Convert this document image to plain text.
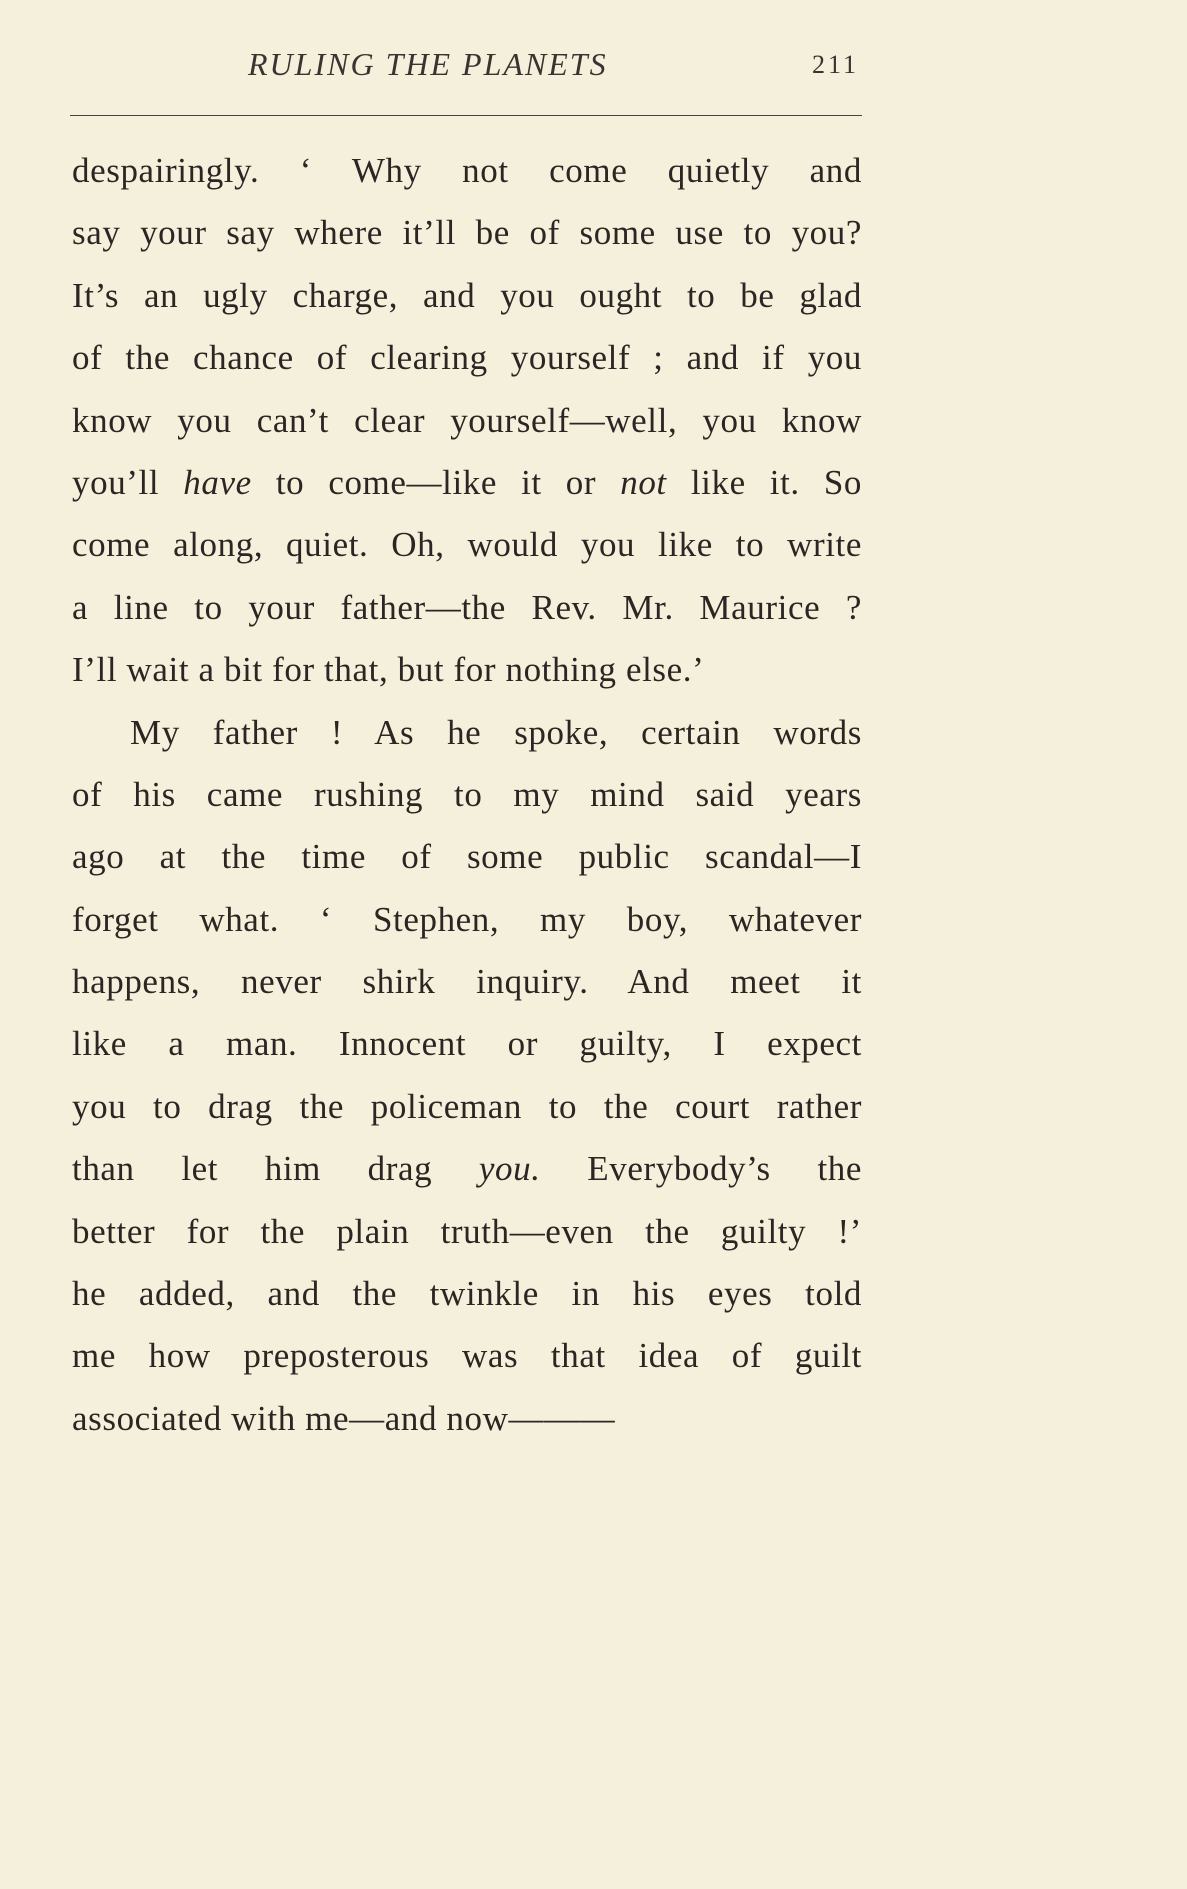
RULING THE PLANETS	211
despairingly. ‘ Why not come quietly and
say your say where it’ll be of some use to you?
It’s an ugly charge, and you ought to be glad
of the chance of clearing yourself ; and if you
know you can’t clear yourself—well, you know
you’ll have to come—like it or not like it. So
come along, quiet. Oh, would you like to write
a line to your father—the Rev. Mr. Maurice ?
I’ll wait a bit for that, but for nothing else.’
My father ! As he spoke, certain words
of his came rushing to my mind said years
ago at the time of some public scandal—I
forget what. ‘ Stephen, my boy, whatever
happens, never shirk inquiry. And meet it
like a man. Innocent or guilty, I expect
you to drag the policeman to the court rather
than let him drag you. Everybody’s the
better for the plain truth—even the guilty !’
he added, and the twinkle in his eyes told
me how preposterous was that idea of guilt
associated with me—and now———
